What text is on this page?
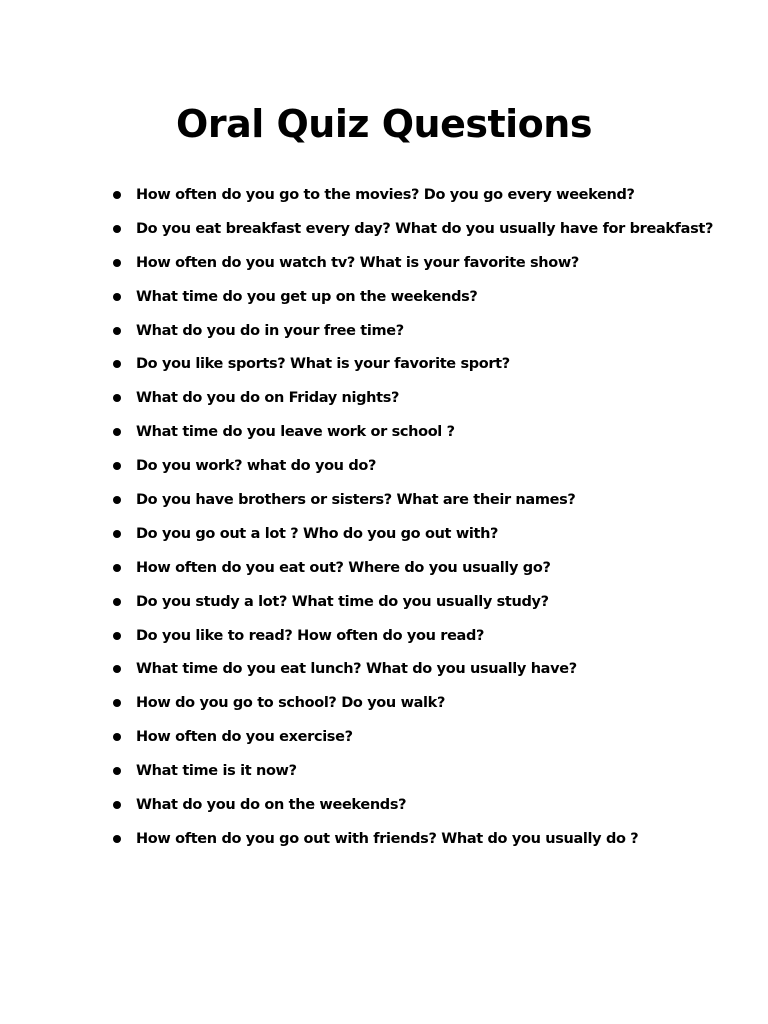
Oral Quiz Questions
How often do you go to the movies? Do you go every weekend?
Do you eat breakfast every day? What do you usually have for breakfast?
How often do you watch tv? What is your favorite show?
What time do you get up on the weekends?
What do you do in your free time?
Do you like sports? What is your favorite sport?
What do you do on Friday nights?
What time do you leave work or school ?
Do you work? what do you do?
Do you have brothers or sisters? What are their names?
Do you go out a lot ? Who do you go out with?
How often do you eat out? Where do you usually go?
Do you study a lot? What time do you usually study?
Do you like to read? How often do you read?
What time do you eat lunch? What do you usually have?
How do you go to school? Do you walk?
How often do you exercise?
What time is it now?
What do you do on the weekends?
How often do you go out with friends? What do you usually do ?
